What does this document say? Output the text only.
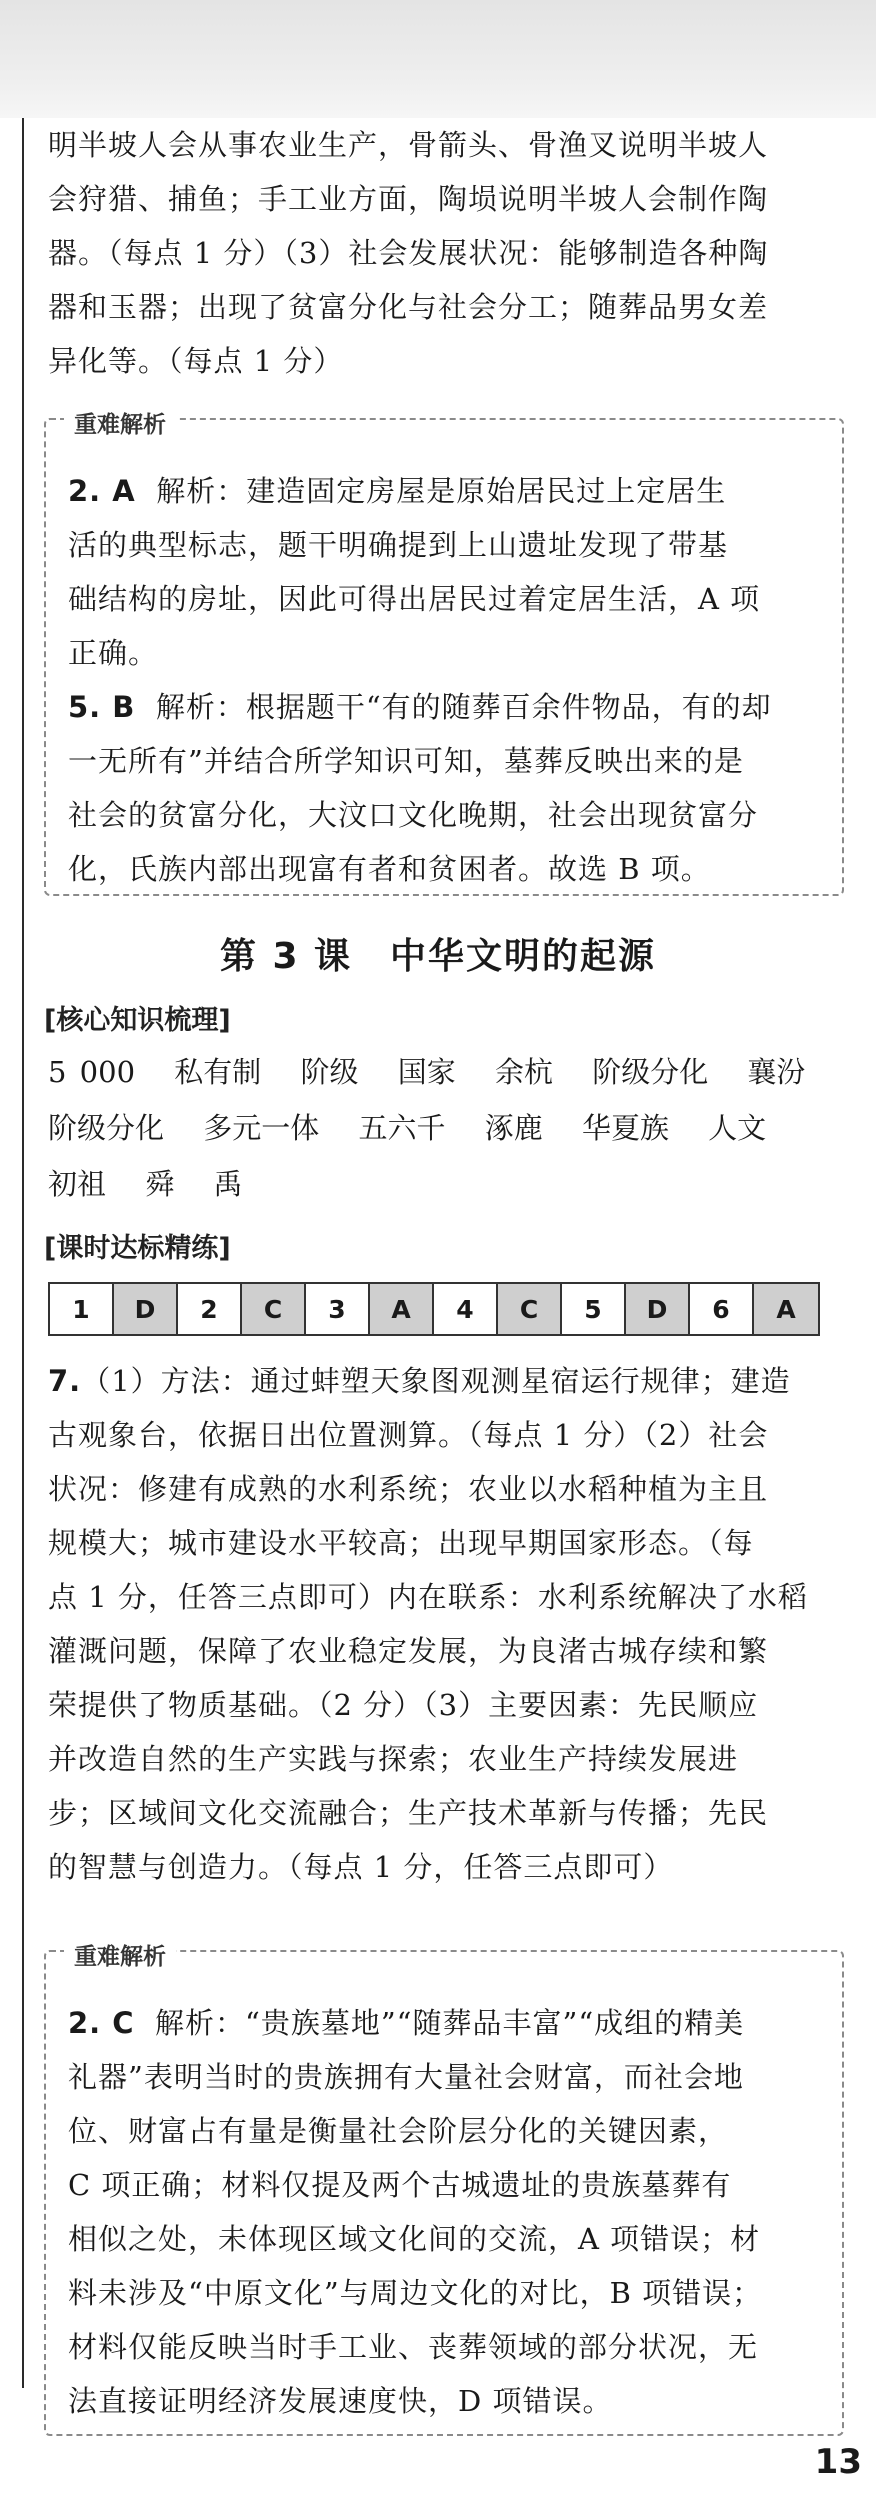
明半坡人会从事农业生产，骨箭头、骨渔叉说明半坡人

会狩猎、捕鱼；手工业方面，陶埙说明半坡人会制作陶

器。（每点 1 分）（3）社会发展状况：能够制造各种陶

器和玉器；出现了贫富分化与社会分工；随葬品男女差

异化等。（每点 1 分）

重难解析

2. A 解析：建造固定房屋是原始居民过上定居生

活的典型标志，题干明确提到上山遗址发现了带基

础结构的房址，因此可得出居民过着定居生活，A 项

正确。

5. B 解析：根据题干“有的随葬百余件物品，有的却

一无所有”并结合所学知识可知，墓葬反映出来的是

社会的贫富分化，大汶口文化晚期，社会出现贫富分

化，氏族内部出现富有者和贫困者。故选 B 项。

第 3 课　中华文明的起源
[核心知识梳理]
5 000 私有制 阶级 国家 余杭 阶级分化 襄汾
阶级分化 多元一体 五六千 涿鹿 华夏族 人文
初祖 舜 禹
[课时达标精练]
1	D	2	C	3	A	4	C	5	D	6	A

7.（1）方法：通过蚌塑天象图观测星宿运行规律；建造

古观象台，依据日出位置测算。（每点 1 分）（2）社会

状况：修建有成熟的水利系统；农业以水稻种植为主且

规模大；城市建设水平较高；出现早期国家形态。（每

点 1 分，任答三点即可）内在联系：水利系统解决了水稻

灌溉问题，保障了农业稳定发展，为良渚古城存续和繁

荣提供了物质基础。（2 分）（3）主要因素：先民顺应

并改造自然的生产实践与探索；农业生产持续发展进

步；区域间文化交流融合；生产技术革新与传播；先民

的智慧与创造力。（每点 1 分，任答三点即可）

重难解析

2. C 解析：“贵族墓地”“随葬品丰富”“成组的精美

礼器”表明当时的贵族拥有大量社会财富，而社会地

位、财富占有量是衡量社会阶层分化的关键因素，

C 项正确；材料仅提及两个古城遗址的贵族墓葬有

相似之处，未体现区域文化间的交流，A 项错误；材

料未涉及“中原文化”与周边文化的对比，B 项错误；

材料仅能反映当时手工业、丧葬领域的部分状况，无

法直接证明经济发展速度快，D 项错误。

13
